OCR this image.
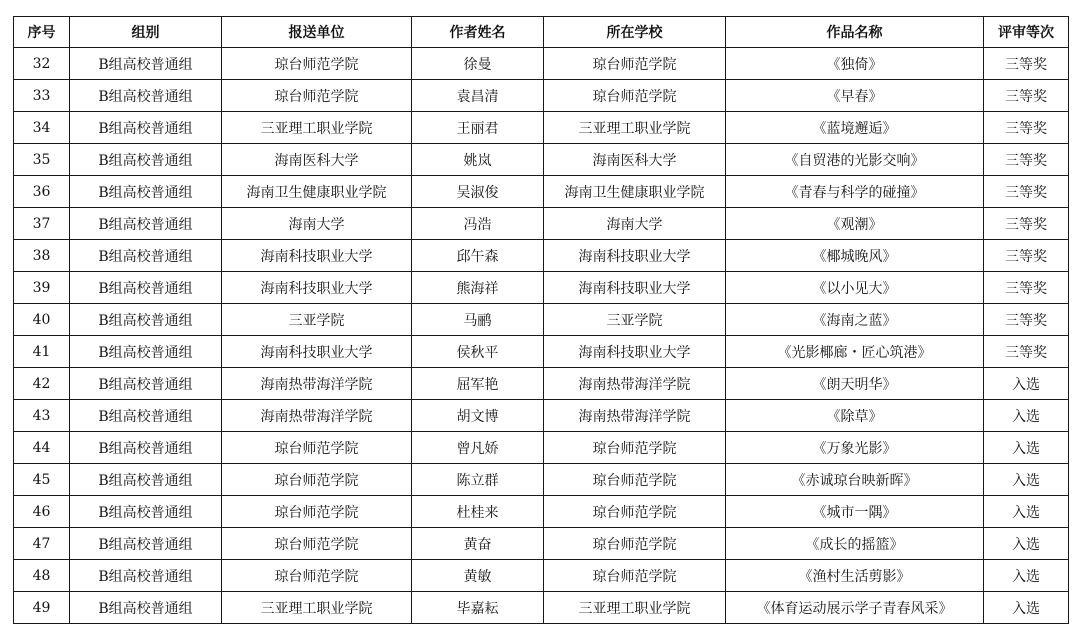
序号	组别	报送单位	作者姓名	所在学校	作品名称	评审等次
32	B组高校普通组	琼台师范学院	徐曼	琼台师范学院	《独倚》	三等奖
33	B组高校普通组	琼台师范学院	袁昌清	琼台师范学院	《早春》	三等奖
34	B组高校普通组	三亚理工职业学院	王丽君	三亚理工职业学院	《蓝境邂逅》	三等奖
35	B组高校普通组	海南医科大学	姚岚	海南医科大学	《自贸港的光影交响》	三等奖
36	B组高校普通组	海南卫生健康职业学院	吴淑俊	海南卫生健康职业学院	《青春与科学的碰撞》	三等奖
37	B组高校普通组	海南大学	冯浩	海南大学	《观潮》	三等奖
38	B组高校普通组	海南科技职业大学	邱午森	海南科技职业大学	《椰城晚风》	三等奖
39	B组高校普通组	海南科技职业大学	熊海祥	海南科技职业大学	《以小见大》	三等奖
40	B组高校普通组	三亚学院	马鹂	三亚学院	《海南之蓝》	三等奖
41	B组高校普通组	海南科技职业大学	侯秋平	海南科技职业大学	《光影椰廊・匠心筑港》	三等奖
42	B组高校普通组	海南热带海洋学院	屈军艳	海南热带海洋学院	《朗天明华》	入选
43	B组高校普通组	海南热带海洋学院	胡文博	海南热带海洋学院	《除草》	入选
44	B组高校普通组	琼台师范学院	曾凡娇	琼台师范学院	《万象光影》	入选
45	B组高校普通组	琼台师范学院	陈立群	琼台师范学院	《赤诚琼台映新晖》	入选
46	B组高校普通组	琼台师范学院	杜桂来	琼台师范学院	《城市一隅》	入选
47	B组高校普通组	琼台师范学院	黄奋	琼台师范学院	《成长的摇篮》	入选
48	B组高校普通组	琼台师范学院	黄敏	琼台师范学院	《渔村生活剪影》	入选
49	B组高校普通组	三亚理工职业学院	毕嘉耘	三亚理工职业学院	《体育运动展示学子青春风采》	入选
